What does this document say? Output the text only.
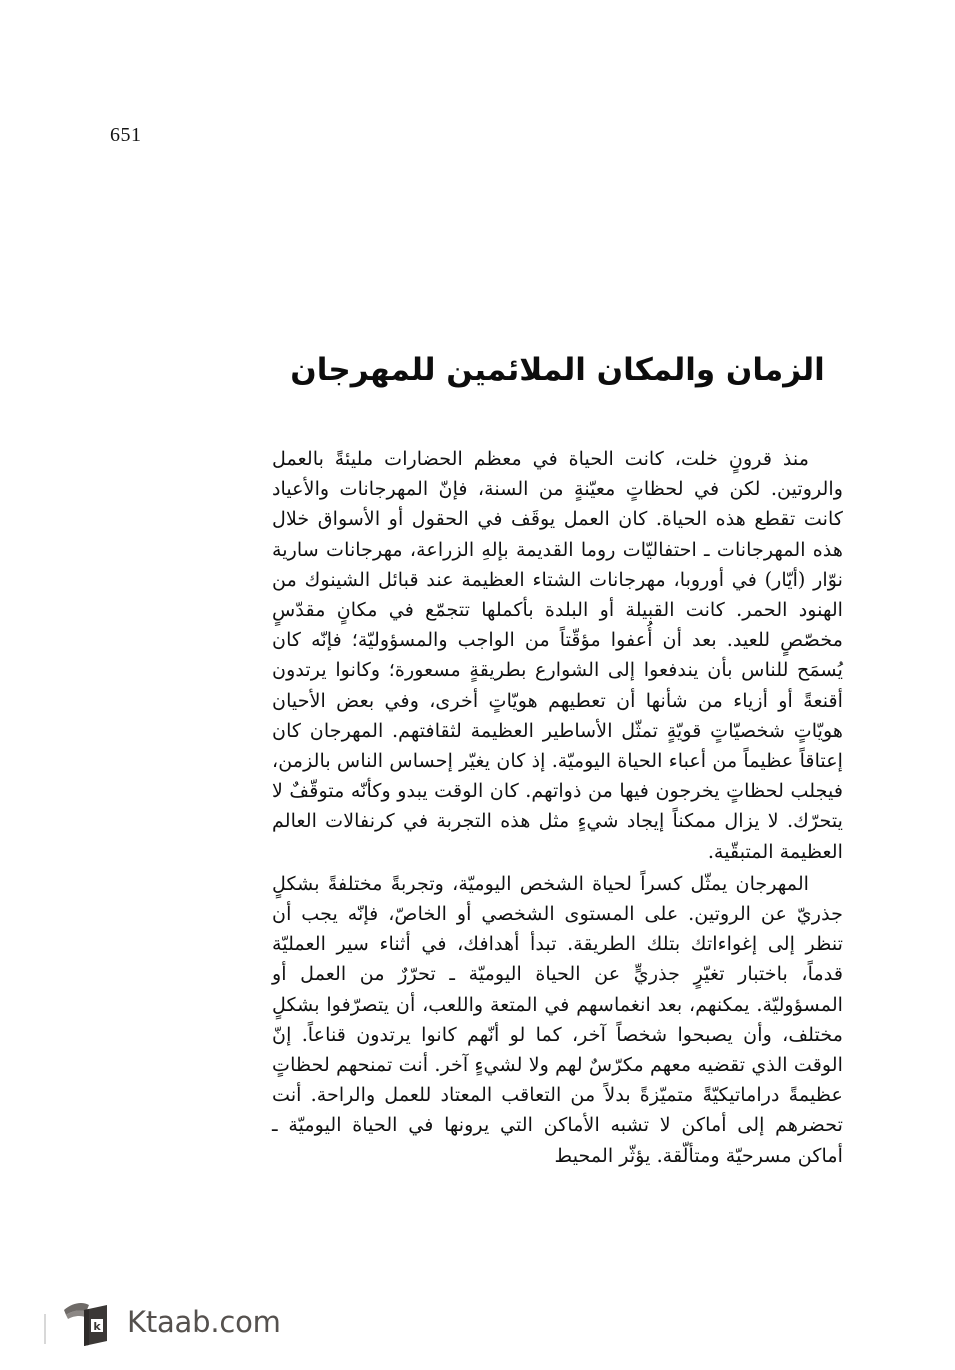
651
الزمان والمكان الملائمين للمهرجان

منذ قرونٍ خلت، كانت الحياة في معظم الحضارات مليئةً بالعمل والروتين. لكن في لحظاتٍ معيّنةٍ من السنة، فإنّ المهرجانات والأعياد كانت تقطع هذه الحياة. كان العمل يوقَف في الحقول أو الأسواق خلال هذه المهرجانات ـ احتفاليّات روما القديمة بإلهِ الزراعة، مهرجانات سارية نوّار (أيّار) في أوروبا، مهرجانات الشتاء العظيمة عند قبائل الشينوك من الهنود الحمر. كانت القبيلة أو البلدة بأكملها تتجمّع في مكانٍ مقدّسٍ مخصّصٍ للعيد. بعد أن أُعفوا مؤقّتاً من الواجب والمسؤوليّة؛ فإنّه كان يُسمَح للناس بأن يندفعوا إلى الشوارع بطريقةٍ مسعورة؛ وكانوا يرتدون أقنعةً أو أزياء من شأنها أن تعطيهم هويّاتٍ أخرى، وفي بعض الأحيان هويّاتٍ شخصيّاتٍ قويّةٍ تمثّل الأساطير العظيمة لثقافتهم. المهرجان كان إعتاقاً عظيماً من أعباء الحياة اليوميّة. إذ كان يغيّر إحساس الناس بالزمن، فيجلب لحظاتٍ يخرجون فيها من ذواتهم. كان الوقت يبدو وكأنّه متوقّفٌ لا يتحرّك. لا يزال ممكناً إيجاد شيءٍ مثل هذه التجربة في كرنفالات العالم العظيمة المتبقّية.

المهرجان يمثّل كسراً لحياة الشخص اليوميّة، وتجربةً مختلفةً بشكلٍ جذريّ عن الروتين. على المستوى الشخصي أو الخاصّ، فإنّه يجب أن تنظر إلى إغواءاتك بتلك الطريقة. تبدأ أهدافك، في أثناء سير العمليّة قدماً، باختبار تغيّرٍ جذريٍّ عن الحياة اليوميّة ـ تحرّرٌ من العمل أو المسؤوليّة. يمكنهم، بعد انغماسهم في المتعة واللعب، أن يتصرّفوا بشكلٍ مختلف، وأن يصبحوا شخصاً آخر، كما لو أنّهم كانوا يرتدون قناعاً. إنّ الوقت الذي تقضيه معهم مكرّسٌ لهم ولا لشيءٍ آخر. أنت تمنحهم لحظاتٍ عظيمةً دراماتيكيّةً متميّزةً بدلاً من التعاقب المعتاد للعمل والراحة. أنت تحضرهم إلى أماكن لا تشبه الأماكن التي يرونها في الحياة اليوميّة ـ أماكن مسرحيّة ومتألّقة. يؤثّر المحيط

k Ktaab.com
